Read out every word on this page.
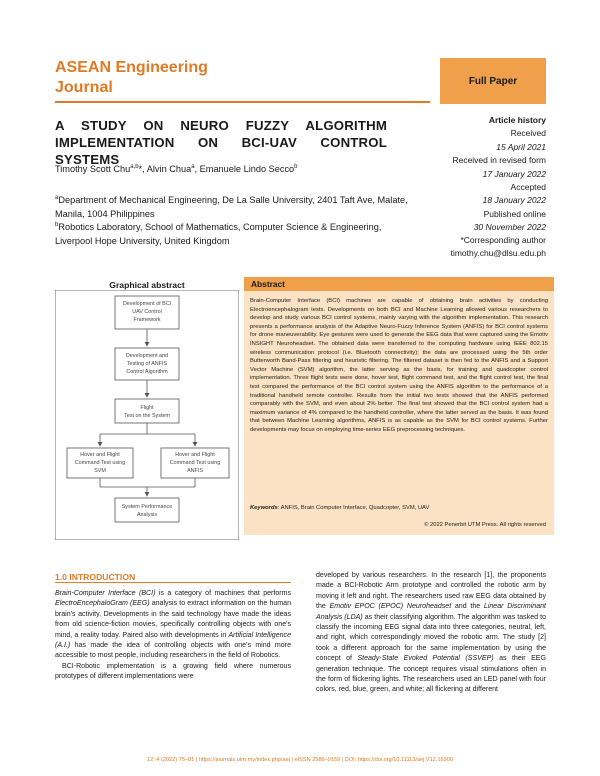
ASEAN Engineering
Journal	Full Paper
A STUDY ON NEURO FUZZY ALGORITHM
IMPLEMENTATION ON BCI-UAV CONTROL SYSTEMS
Timothy Scott Chu$^{a,b}$*, Alvin Chua$^a$, Emanuele Lindo Secco$^b$
$^a$Department of Mechanical Engineering, De La Salle University, 2401 Taft Ave, Malate, Manila, 1004 Philippines
$^b$Robotics Laboratory, School of Mathematics, Computer Science & Engineering, Liverpool Hope University, United Kingdom
Article history
Received
15 April 2021
Received in revised form
17 January 2022
Accepted
18 January 2022
Published online
30 November 2022
*Corresponding author
timothy.chu@dlsu.edu.ph
Graphical abstract
Development of BCI
UAV Control
Framework
Development and
Testing of ANFIS
Control Algorithm
Flight
Test on the System
Hover and Flight
Command Test using
SVM
Hover and Flight
Command Test using
ANFIS
System Performance
Analysis
Abstract
Brain-Computer Interface (BCI) machines are capable of obtaining brain activities by conducting Electroencephalogram tests. Developments on both BCI and Machine Learning allowed various researchers to develop and study various BCI control systems, mainly varying with the algorithm implementation. This research presents a performance analysis of the Adaptive Neuro-Fuzzy Inference System (ANFIS) for BCI control systems for drone maneuverability. Eye gestures were used to generate the EEG data that were captured using the Emotiv INSIGHT Neuroheadset. The obtained data were transferred to the computing hardware using IEEE 802.15 wireless communication protocol (i.e. Bluetooth connectivity); the data are processed using the 5th order Butterworth Band-Pass filtering and heuristic filtering. The filtered dataset is then fed to the ANFIS and a Support Vector Machine (SVM) algorithm, the latter serving as the basis, for training and quadcopter control implementation. Three flight tests were done, hover test, flight command test, and the flight control test, the final test compared the performance of the BCI control system using the ANFIS algorithm to the performance of a traditional handheld remote controller. Results from the initial two tests showed that the ANFIS performed comparably with the SVM, and even about 2% better. The final test showed that the BCI control system had a maximum variance of 4% compared to the handheld controller, where the latter served as the basis. It was found that between Machine Learning algorithms, ANFIS is as capable as the SVM for BCI control systems. Further developments may focus on employing time-series EEG preprocessing techniques.
Keywords: ANFIS, Brain Computer Interface, Quadcopter, SVM, UAV
© 2022 Penerbit UTM Press. All rights reserved
1.0 INTRODUCTION

Brain-Computer Interface (BCI) is a category of machines that performs ElectroEncephaloGram (EEG) analysis to extract information on the human brain's activity. Developments in the said technology have made the ideas from old science-fiction movies, specifically controlling objects with one's mind, a reality today. Paired also with developments in Artificial Intelligence (A.I.) has made the idea of controlling objects with one's mind more accessible to most people, including researchers in the field of Robotics.

BCI-Robotic implementation is a growing field where numerous prototypes of different implementations were

developed by various researchers. In the research [1], the proponents made a BCI-Robotic Arm prototype and controlled the robotic arm by moving it left and right. The researchers used raw EEG data obtained by the Emotiv EPOC (EPOC) Neuroheadset and the Linear Discriminant Analysis (LDA) as their classifying algorithm. The algorithm was tasked to classify the incoming EEG signal data into three categories, neutral, left, and right, which correspondingly moved the robotic arm. The study [2] took a different approach for the same implementation by using the concept of Steady-State Evoked Potential (SSVEP) as their EEG generation technique. The concept requires visual stimulations often in the form of flickering lights. The researchers used an LED panel with four colors, red, blue, green, and white; all flickering at different

12: 4 (2022) 75–81 | https://journals.utm.my/index.php/aej | eISSN 2586–9159 | DOI: https://doi.org/10.11113/aej.V12.16900
